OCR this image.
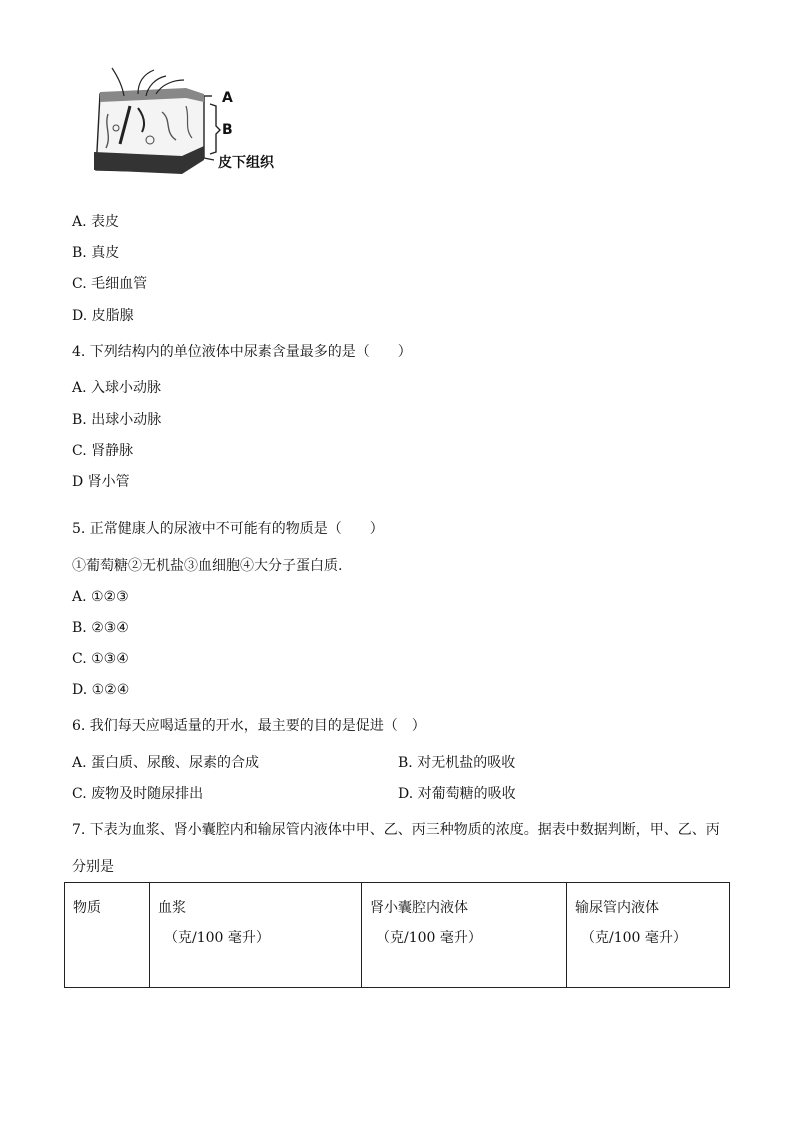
A
B
皮下组织
A. 表皮
B. 真皮
C. 毛细血管
D. 皮脂腺
4. 下列结构内的单位液体中尿素含量最多的是（　　）
A. 入球小动脉
B. 出球小动脉
C. 肾静脉
D 肾小管
5. 正常健康人的尿液中不可能有的物质是（　　）
①葡萄糖②无机盐③血细胞④大分子蛋白质.
A. ①②③
B. ②③④
C. ①③④
D. ①②④
6. 我们每天应喝适量的开水，最主要的目的是促进（　）
A. 蛋白质、尿酸、尿素的合成	B. 对无机盐的吸收
C. 废物及时随尿排出	D. 对葡萄糖的吸收
7. 下表为血浆、肾小囊腔内和输尿管内液体中甲、乙、丙三种物质的浓度。据表中数据判断，甲、乙、丙
分别是
物质	血浆
（克/100 毫升）
	肾小囊腔内液体
（克/100 毫升）
	输尿管内液体
（克/100 毫升）
